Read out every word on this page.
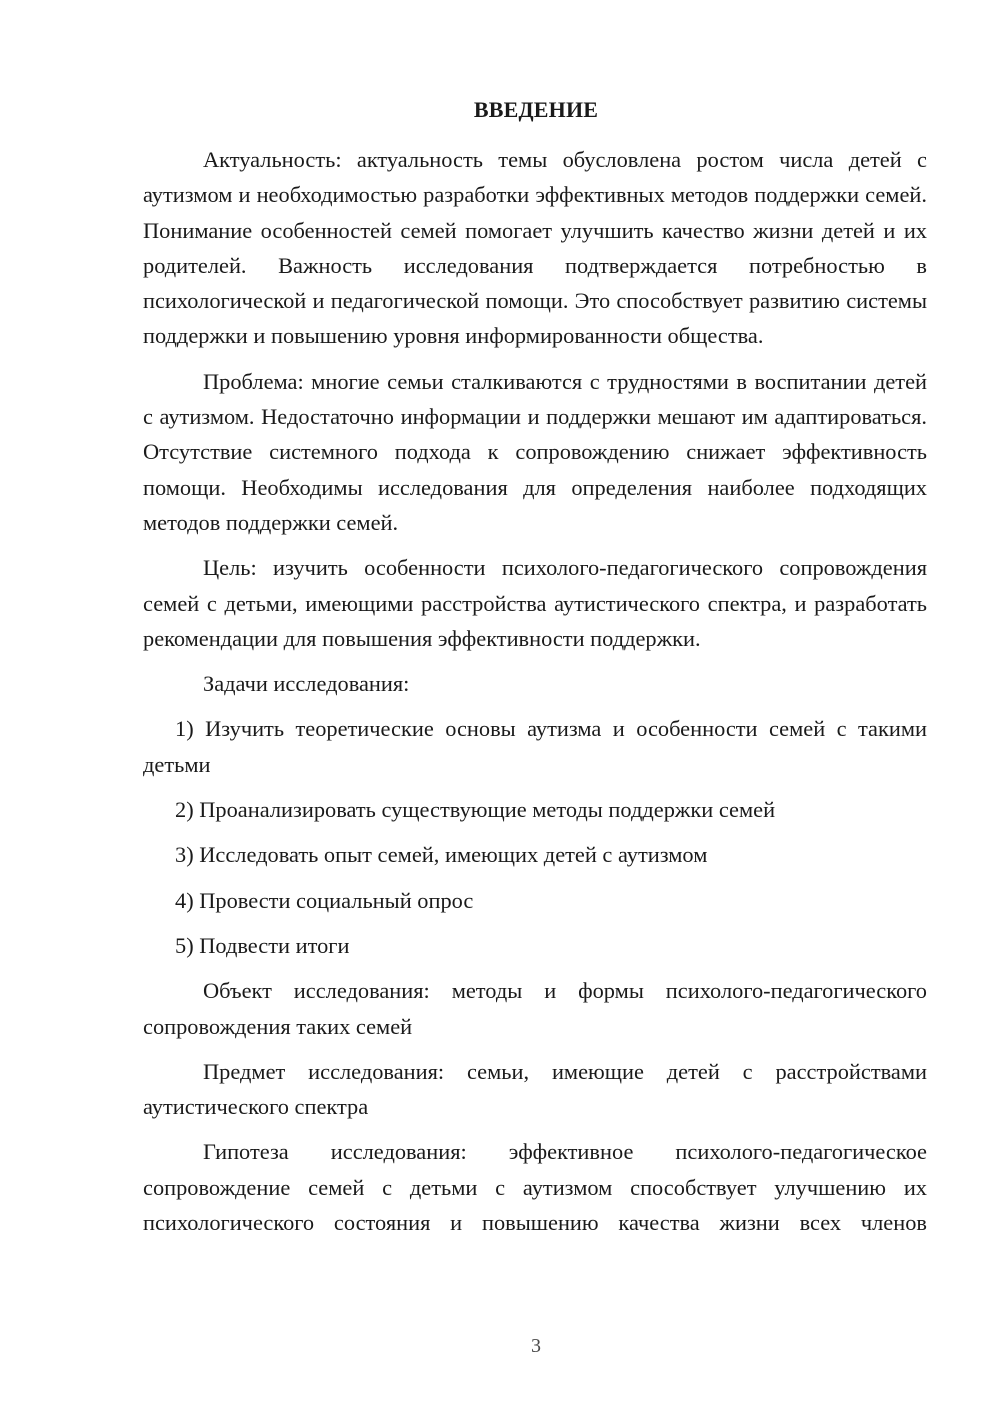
ВВЕДЕНИЕ

Актуальность: актуальность темы обусловлена ростом числа детей с аутизмом и необходимостью разработки эффективных методов поддержки семей. Понимание особенностей семей помогает улучшить качество жизни детей и их родителей. Важность исследования подтверждается потребностью в психологической и педагогической помощи. Это способствует развитию системы поддержки и повышению уровня информированности общества.

Проблема: многие семьи сталкиваются с трудностями в воспитании детей с аутизмом. Недостаточно информации и поддержки мешают им адаптироваться. Отсутствие системного подхода к сопровождению снижает эффективность помощи. Необходимы исследования для определения наиболее подходящих методов поддержки семей.

Цель: изучить особенности психолого-педагогического сопровождения семей с детьми, имеющими расстройства аутистического спектра, и разработать рекомендации для повышения эффективности поддержки.

Задачи исследования:

1) Изучить теоретические основы аутизма и особенности семей с такими детьми

2) Проанализировать существующие методы поддержки семей

3) Исследовать опыт семей, имеющих детей с аутизмом

4) Провести социальный опрос

5) Подвести итоги

Объект исследования: методы и формы психолого-педагогического сопровождения таких семей

Предмет исследования: семьи, имеющие детей с расстройствами аутистического спектра

Гипотеза исследования: эффективное психолого-педагогическое сопровождение семей с детьми с аутизмом способствует улучшению их психологического состояния и повышению качества жизни всех членов

3
